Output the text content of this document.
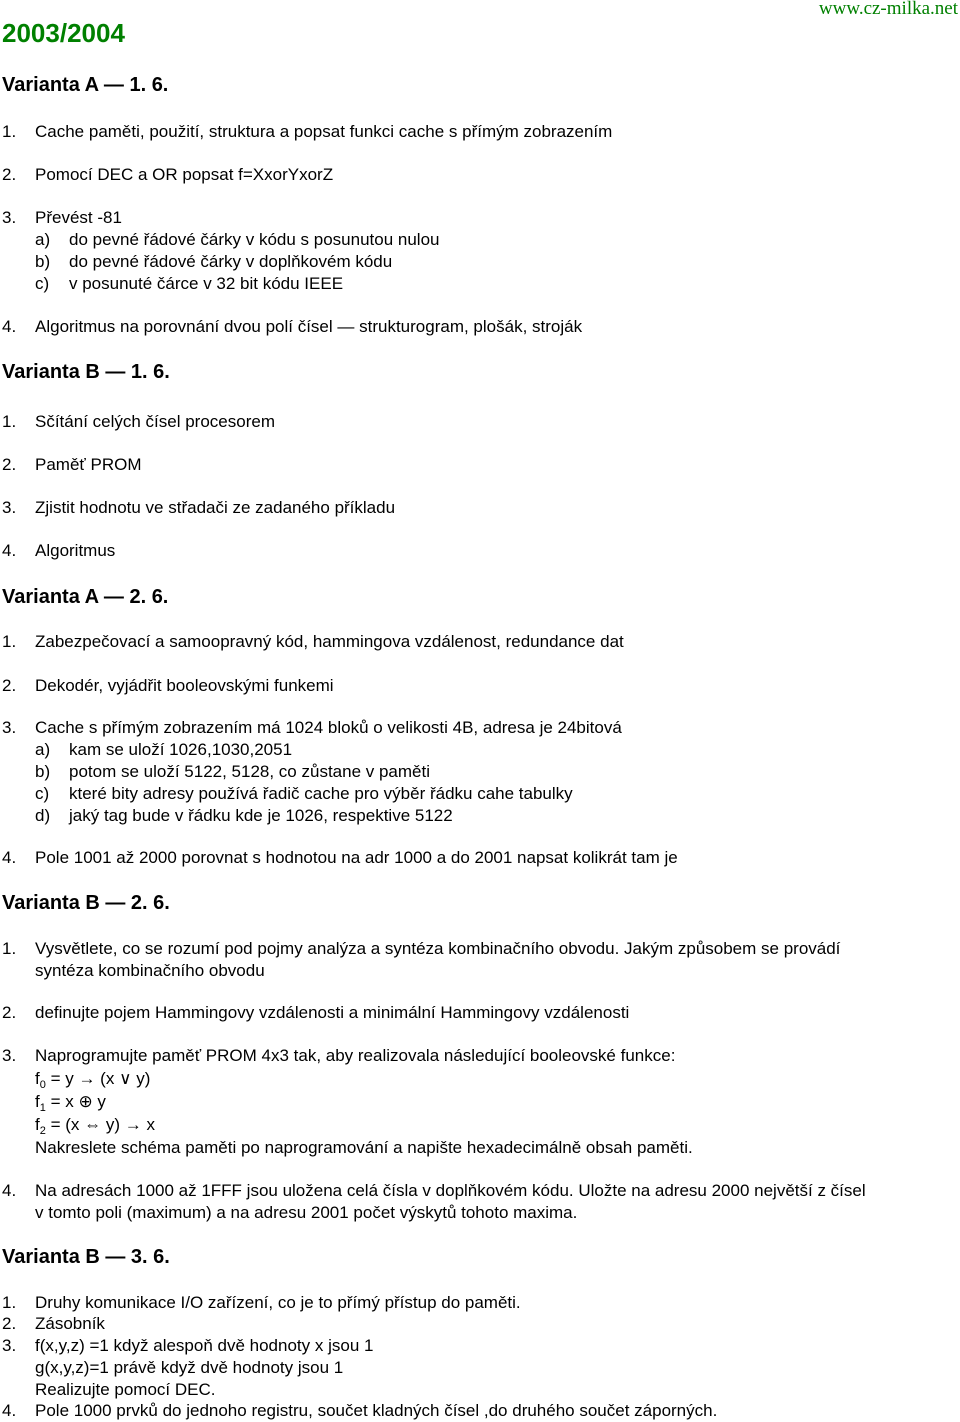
2003/2004
www.cz-milka.net
Varianta A — 1. 6.
1. Cache paměti, použití, struktura a popsat funkci cache s přímým zobrazením
2. Pomocí DEC a OR popsat f=XxorYxorZ
3. Převést -81
a) do pevné řádové čárky v kódu s posunutou nulou
b) do pevné řádové čárky v doplňkovém kódu
c) v posunuté čárce v 32 bit kódu IEEE
4. Algoritmus na porovnání dvou polí čísel — strukturogram, plošák, stroják
Varianta B — 1. 6.
1. Sčítání celých čísel procesorem
2. Paměť PROM
3. Zjistit hodnotu ve střadači ze zadaného příkladu
4. Algoritmus
Varianta A — 2. 6.
1. Zabezpečovací a samoopravný kód, hammingova vzdálenost, redundance dat
2. Dekodér, vyjádřit booleovskými funkemi
3. Cache s přímým zobrazením má 1024 bloků o velikosti 4B, adresa je 24bitová
a) kam se uloží 1026,1030,2051
b) potom se uloží 5122, 5128, co zůstane v paměti
c) které bity adresy používá řadič cache pro výběr řádku cahe tabulky
d) jaký tag bude v řádku kde je 1026, respektive 5122
4. Pole 1001 až 2000 porovnat s hodnotou na adr 1000 a do 2001 napsat kolikrát tam je
Varianta B — 2. 6.
1. Vysvětlete, co se rozumí pod pojmy analýza a syntéza kombinačního obvodu. Jakým způsobem se provádí
syntéza kombinačního obvodu
2. definujte pojem Hammingovy vzdálenosti a minimální Hammingovy vzdálenosti
3. Naprogramujte paměť PROM 4x3 tak, aby realizovala následující booleovské funkce:
$f_0 = y \to (x$ ∨ y)
$f_1 = x$ ⊕ y
$f_2 = (x$ ⇔ y) → x
Nakreslete schéma paměti po naprogramování a napište hexadecimálně obsah paměti.
4. Na adresách 1000 až 1FFF jsou uložena celá čísla v doplňkovém kódu. Uložte na adresu 2000 největší z čísel
v tomto poli (maximum) a na adresu 2001 počet výskytů tohoto maxima.
Varianta B — 3. 6.
1. Druhy komunikace I/O zařízení, co je to přímý přístup do paměti.
2. Zásobník
3. f(x,y,z) =1 když alespoň dvě hodnoty x jsou 1
g(x,y,z)=1 právě když dvě hodnoty jsou 1
Realizujte pomocí DEC.
4. Pole 1000 prvků do jednoho registru, součet kladných čísel ,do druhého součet záporných.
